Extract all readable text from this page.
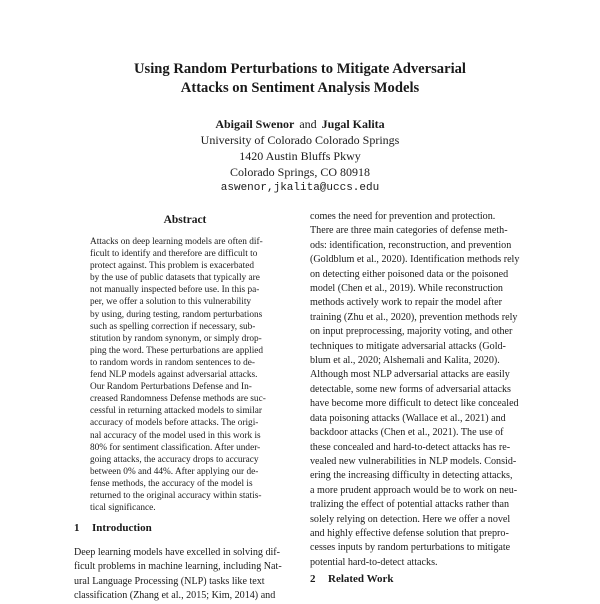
Using Random Perturbations to Mitigate Adversarial
Attacks on Sentiment Analysis Models
Abigail Swenor and Jugal Kalita
University of Colorado Colorado Springs
1420 Austin Bluffs Pkwy
Colorado Springs, CO 80918
aswenor,jkalita@uccs.edu
Abstract
Attacks on deep learning models are often dif-
ficult to identify and therefore are difficult to
protect against. This problem is exacerbated
by the use of public datasets that typically are
not manually inspected before use. In this pa-
per, we offer a solution to this vulnerability
by using, during testing, random perturbations
such as spelling correction if necessary, sub-
stitution by random synonym, or simply drop-
ping the word. These perturbations are applied
to random words in random sentences to de-
fend NLP models against adversarial attacks.
Our Random Perturbations Defense and In-
creased Randomness Defense methods are suc-
cessful in returning attacked models to similar
accuracy of models before attacks. The origi-
nal accuracy of the model used in this work is
80% for sentiment classification. After under-
going attacks, the accuracy drops to accuracy
between 0% and 44%. After applying our de-
fense methods, the accuracy of the model is
returned to the original accuracy within statis-
tical significance.
1 Introduction
Deep learning models have excelled in solving dif-
ficult problems in machine learning, including Nat-
ural Language Processing (NLP) tasks like text
classification (Zhang et al., 2015; Kim, 2014) and
comes the need for prevention and protection.
There are three main categories of defense meth-
ods: identification, reconstruction, and prevention
(Goldblum et al., 2020). Identification methods rely
on detecting either poisoned data or the poisoned
model (Chen et al., 2019). While reconstruction
methods actively work to repair the model after
training (Zhu et al., 2020), prevention methods rely
on input preprocessing, majority voting, and other
techniques to mitigate adversarial attacks (Gold-
blum et al., 2020; Alshemali and Kalita, 2020).
Although most NLP adversarial attacks are easily
detectable, some new forms of adversarial attacks
have become more difficult to detect like concealed
data poisoning attacks (Wallace et al., 2021) and
backdoor attacks (Chen et al., 2021). The use of
these concealed and hard-to-detect attacks has re-
vealed new vulnerabilities in NLP models. Consid-
ering the increasing difficulty in detecting attacks,
a more prudent approach would be to work on neu-
tralizing the effect of potential attacks rather than
solely relying on detection. Here we offer a novel
and highly effective defense solution that prepro-
cesses inputs by random perturbations to mitigate
potential hard-to-detect attacks.
2 Related Work
